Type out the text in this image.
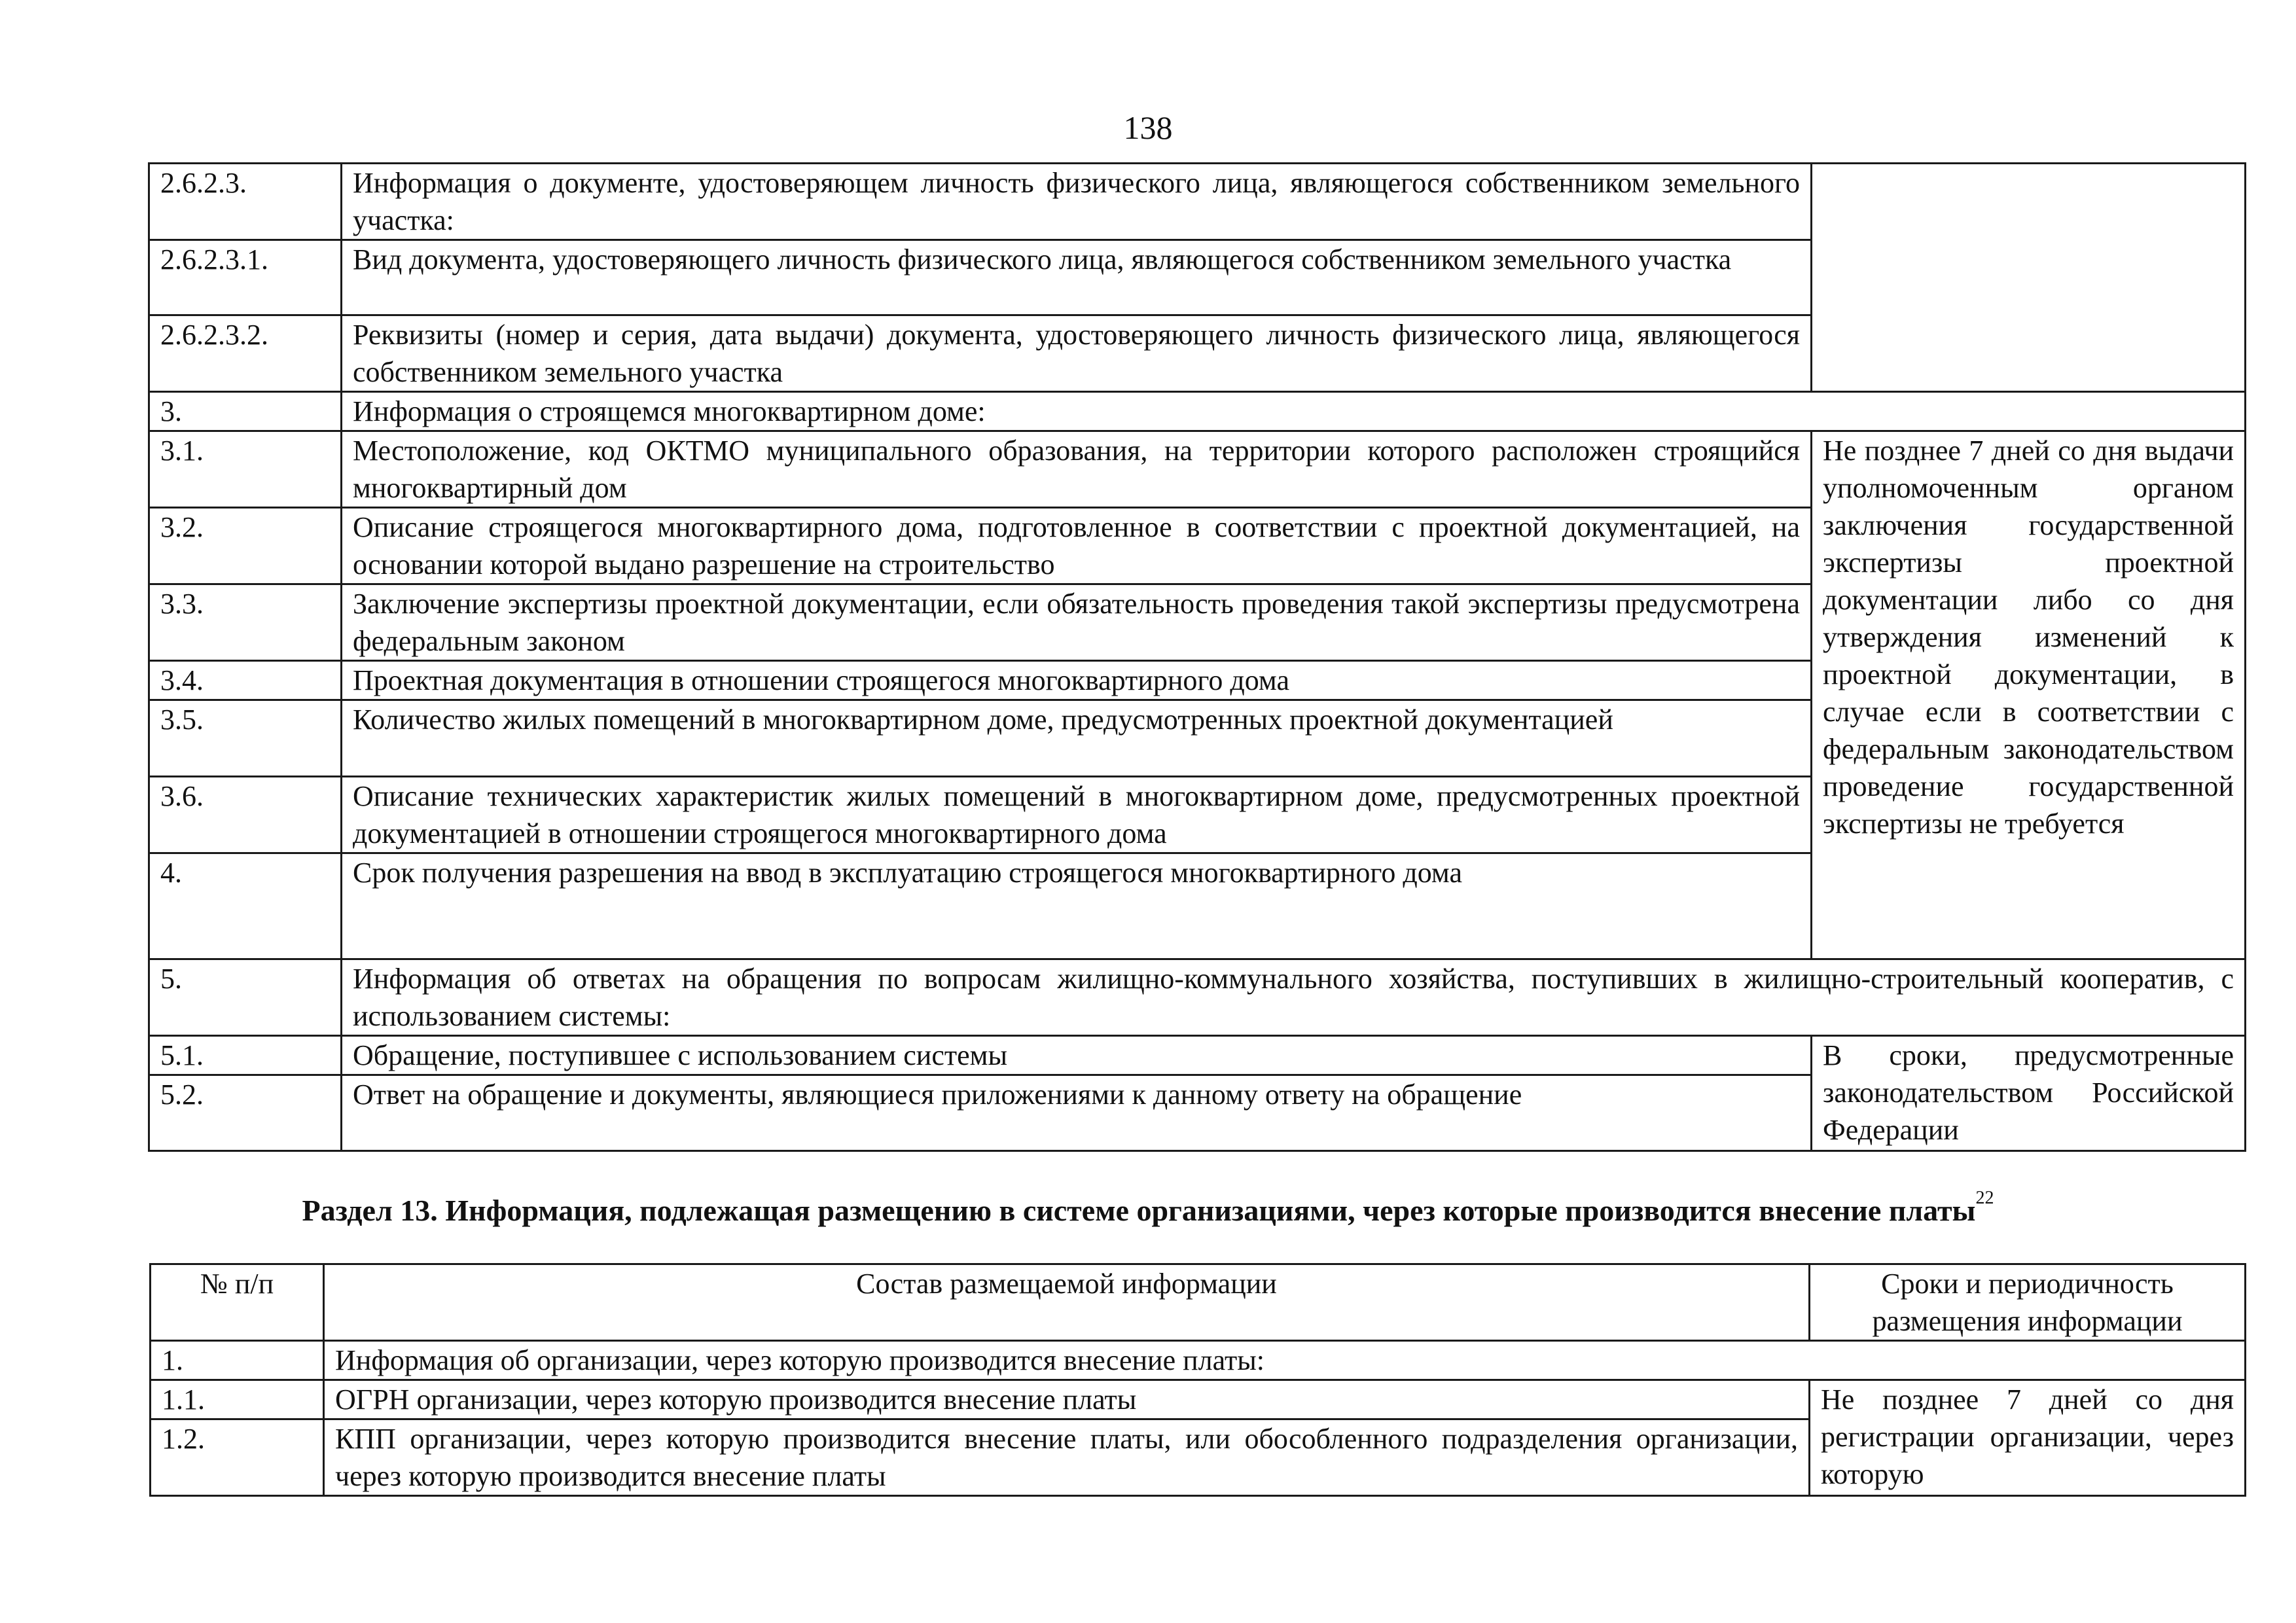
138
2.6.2.3.	Информация о документе, удостоверяющем личность физического лица, являющегося собственником земельного участка:	
2.6.2.3.1.	Вид документа, удостоверяющего личность физического лица, являющегося собственником земельного участка	
2.6.2.3.2.	Реквизиты (номер и серия, дата выдачи) документа, удостоверяющего личность физического лица, являющегося собственником земельного участка	
3.	Информация о строящемся многоквартирном доме:	
3.1.	Местоположение, код ОКТМО муниципального образования, на территории которого расположен строящийся многоквартирный дом	Не позднее 7 дней со дня выдачи уполномоченным органом заключения государственной экспертизы проектной документации либо со дня утверждения изменений к проектной документации, в случае если в соответствии с федеральным законодательством проведение государственной экспертизы не требуется
3.2.	Описание строящегося многоквартирного дома, подготовленное в соответствии с проектной документацией, на основании которой выдано разрешение на строительство	
3.3.	Заключение экспертизы проектной документации, если обязательность проведения такой экспертизы предусмотрена федеральным законом	
3.4.	Проектная документация в отношении строящегося многоквартирного дома	
3.5.	Количество жилых помещений в многоквартирном доме, предусмотренных проектной документацией	
3.6.	Описание технических характеристик жилых помещений в многоквартирном доме, предусмотренных проектной документацией в отношении строящегося многоквартирного дома	
4.	Срок получения разрешения на ввод в эксплуатацию строящегося многоквартирного дома	
5.	Информация об ответах на обращения по вопросам жилищно-коммунального хозяйства, поступивших в жилищно-строительный кооператив, с использованием системы:	
5.1.	Обращение, поступившее с использованием системы	В сроки, предусмотренные законодательством Российской Федерации
5.2.	Ответ на обращение и документы, являющиеся приложениями к данному ответу на обращение	
Раздел 13. Информация, подлежащая размещению в системе организациями, через которые производится внесение платы$^{22}$
№ п/п	Состав размещаемой информации	Сроки и периодичность размещения информации
1.	Информация об организации, через которую производится внесение платы:	
1.1.	ОГРН организации, через которую производится внесение платы	Не позднее 7 дней со дня регистрации организации, через которую
1.2.	КПП организации, через которую производится внесение платы, или обособленного подразделения организации, через которую производится внесение платы	
